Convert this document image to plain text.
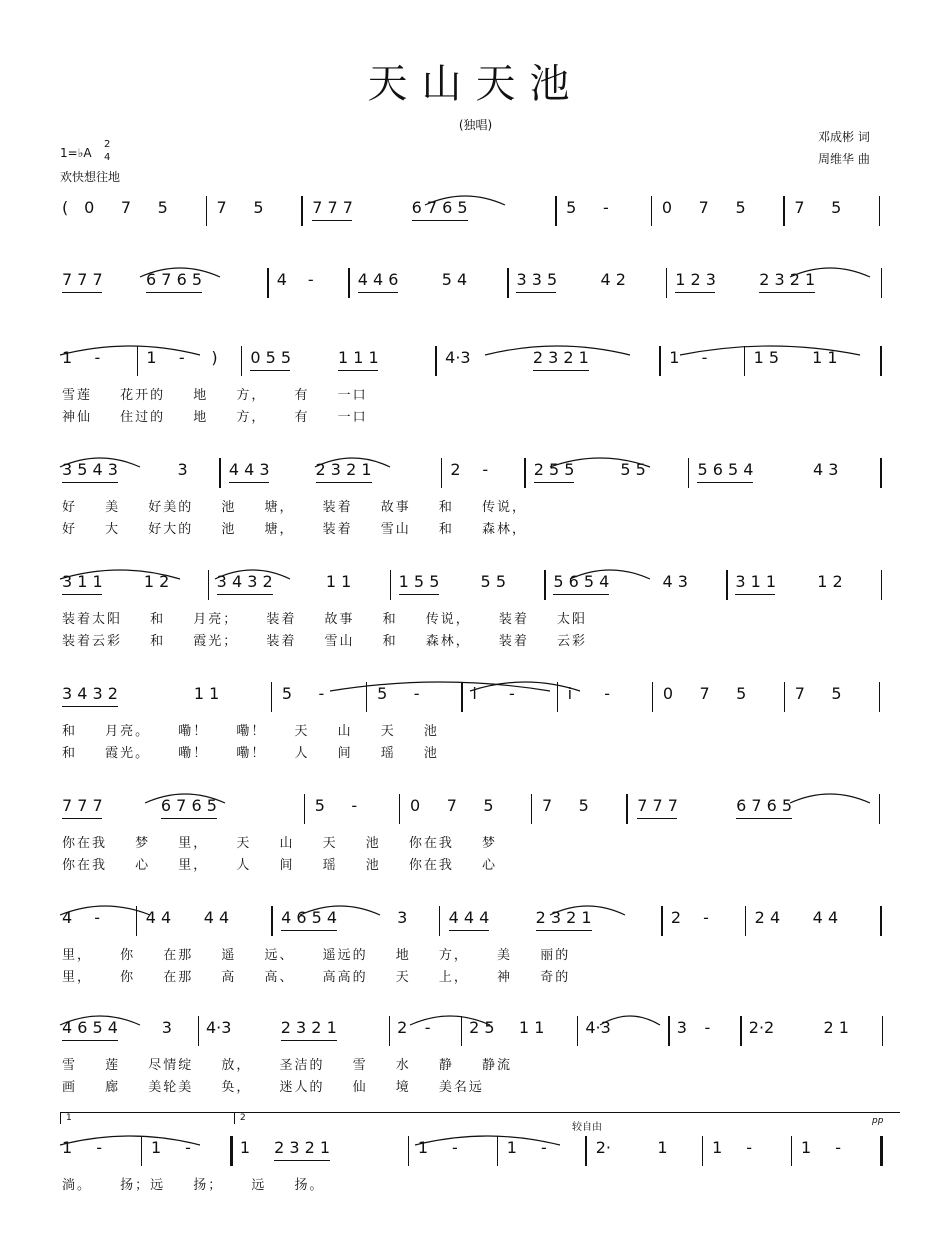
天山天池
(独唱)
1=♭A
2
4
欢快想往地
邓成彬 词
周维华 曲
( 0 7 5	7 5	7 7 7	6 7 6 5	5 -	0 7 5	7 5
7 7 7	6 7 6 5	4 -	4 4 6	5 4	3 3 5	4 2	1 2 3	2 3 2 1
1 -	1 - ) 0 5 5	1 1 1	4·3	2 3 2 1	1 -	1 5 1 1
雪莲 花开的 地 方， 有 一口
神仙 住过的 地 方， 有 一口
3 5 4 3	3	4 4 3	2 3 2 1	2 -	2 5 5	5 5	5 6 5 4	4 3
好 美 好美的 池 塘， 装着 故事 和 传说，
好 大 好大的 池 塘， 装着 雪山 和 森林，
3 1 1	1 2	3 4 3 2	1 1	1 5 5	5 5	5 6 5 4	4 3	3 1 1	1 2
装着太阳 和 月亮； 装着 故事 和 传说， 装着 太阳
装着云彩 和 霞光； 装着 雪山 和 森林， 装着 云彩
3 4 3 2	1 1	5 -	5 -	i -	i -	0 7 5	7 5
和 月亮。 嘞！ 嘞！ 天 山 天 池
和 霞光。 嘞！ 嘞！ 人 间 瑶 池
7 7 7	6 7 6 5	5 -	0 7 5	7 5	7 7 7	6 7 6 5
你在我 梦 里， 天 山 天 池 你在我 梦
你在我 心 里， 人 间 瑶 池 你在我 心
4 -	4 4 4 4	4 6 5 4	3	4 4 4	2 3 2 1	2 -	2 4 4 4
里， 你 在那 遥 远、 遥远的 地 方， 美 丽的
里， 你 在那 高 高、 高高的 天 上， 神 奇的
4 6 5 4	3 4·3	2 3 2 1	2 - 2 5 1 1	4·3	3 - 2·2	2 1
雪 莲 尽情绽 放， 圣洁的 雪 水 静 静流
画 廊 美轮美 奂， 迷人的 仙 境 美名远
1 -	1 -	1 2 3 2 1	1 -	1 -	2·	1	1 -	1 -
淌。 扬；远 扬； 远 扬。
1	2
较自由
pp
